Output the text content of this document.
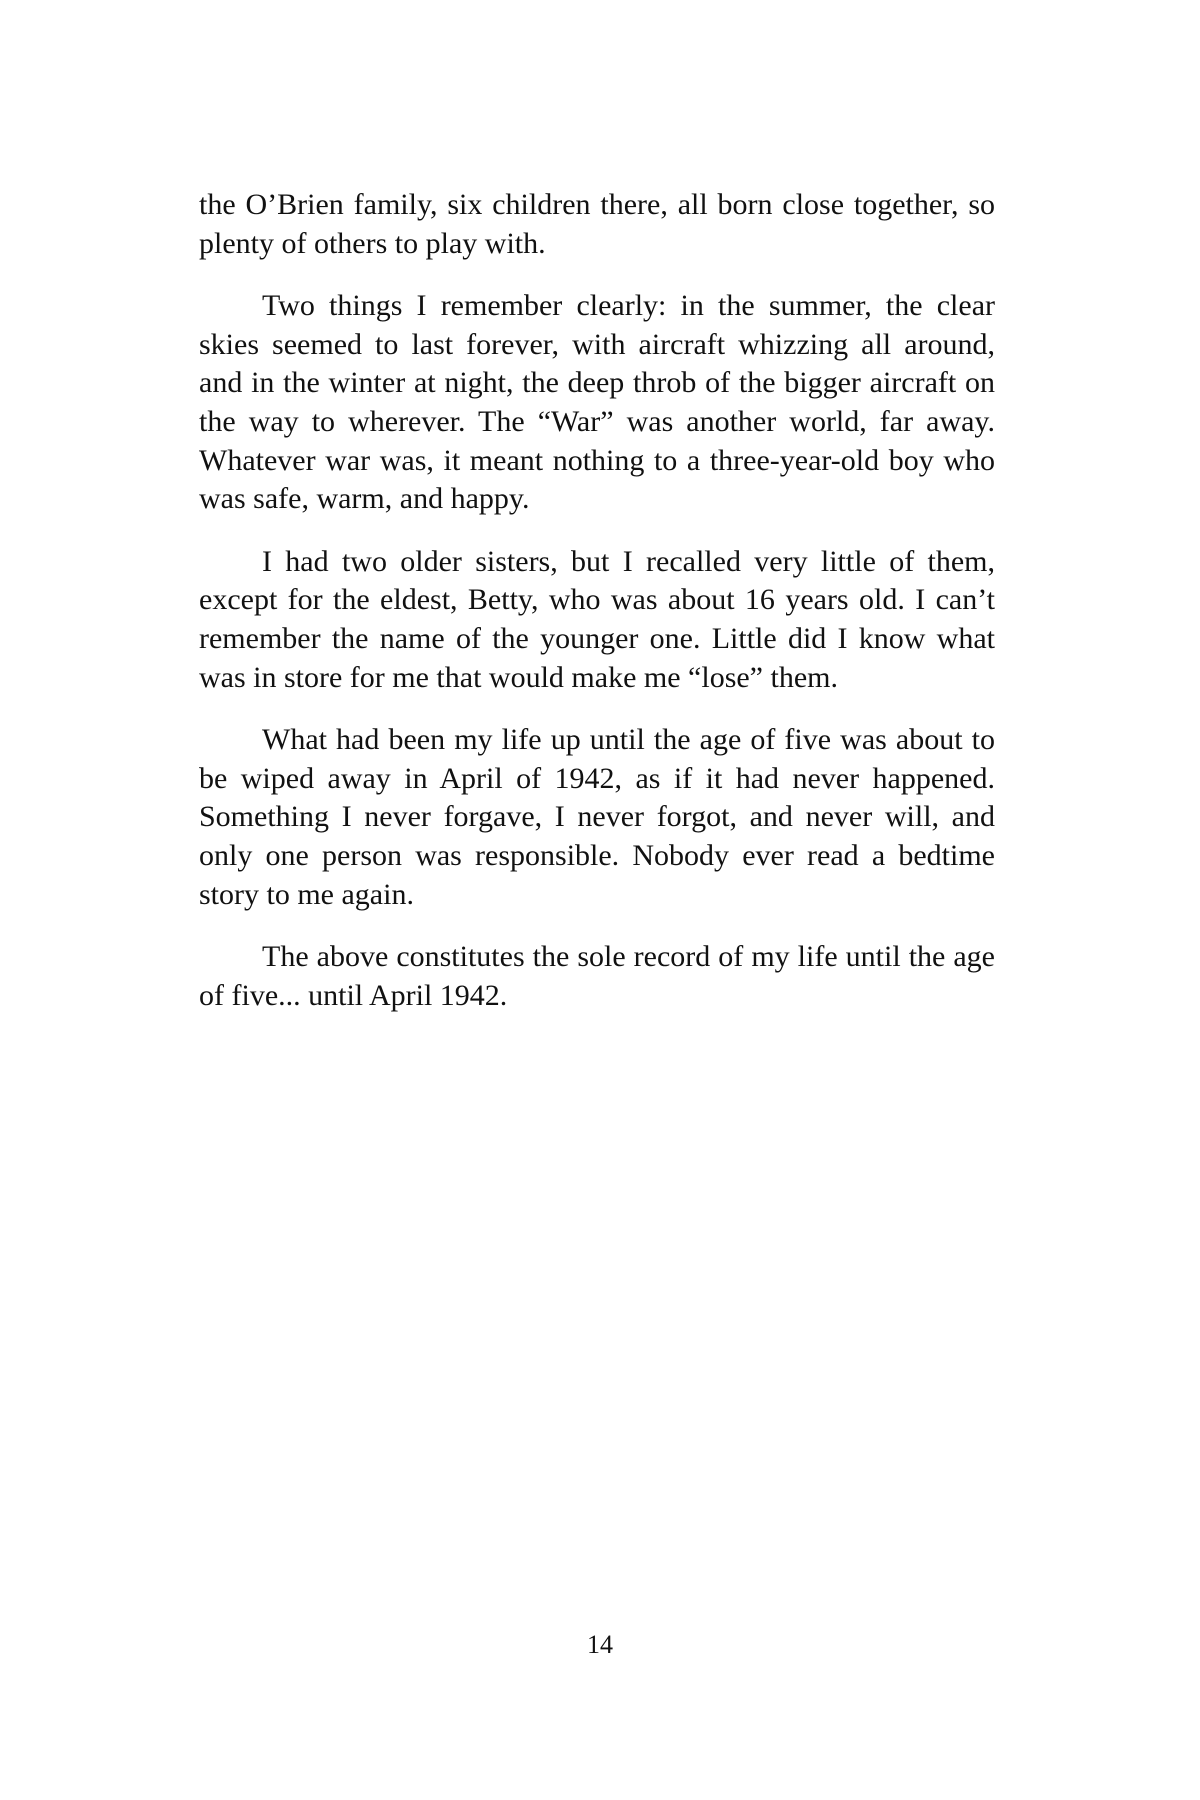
the O’Brien family, six children there, all born close together, so plenty of others to play with.

Two things I remember clearly: in the summer, the clear skies seemed to last forever, with aircraft whizzing all around, and in the winter at night, the deep throb of the bigger aircraft on the way to wherever. The “War” was another world, far away. Whatever war was, it meant nothing to a three-year-old boy who was safe, warm, and happy.

I had two older sisters, but I recalled very little of them, except for the eldest, Betty, who was about 16 years old. I can’t remember the name of the younger one. Little did I know what was in store for me that would make me “lose” them.

What had been my life up until the age of five was about to be wiped away in April of 1942, as if it had never happened. Something I never forgave, I never forgot, and never will, and only one person was responsible. Nobody ever read a bedtime story to me again.

The above constitutes the sole record of my life until the age of five... until April 1942.

14
